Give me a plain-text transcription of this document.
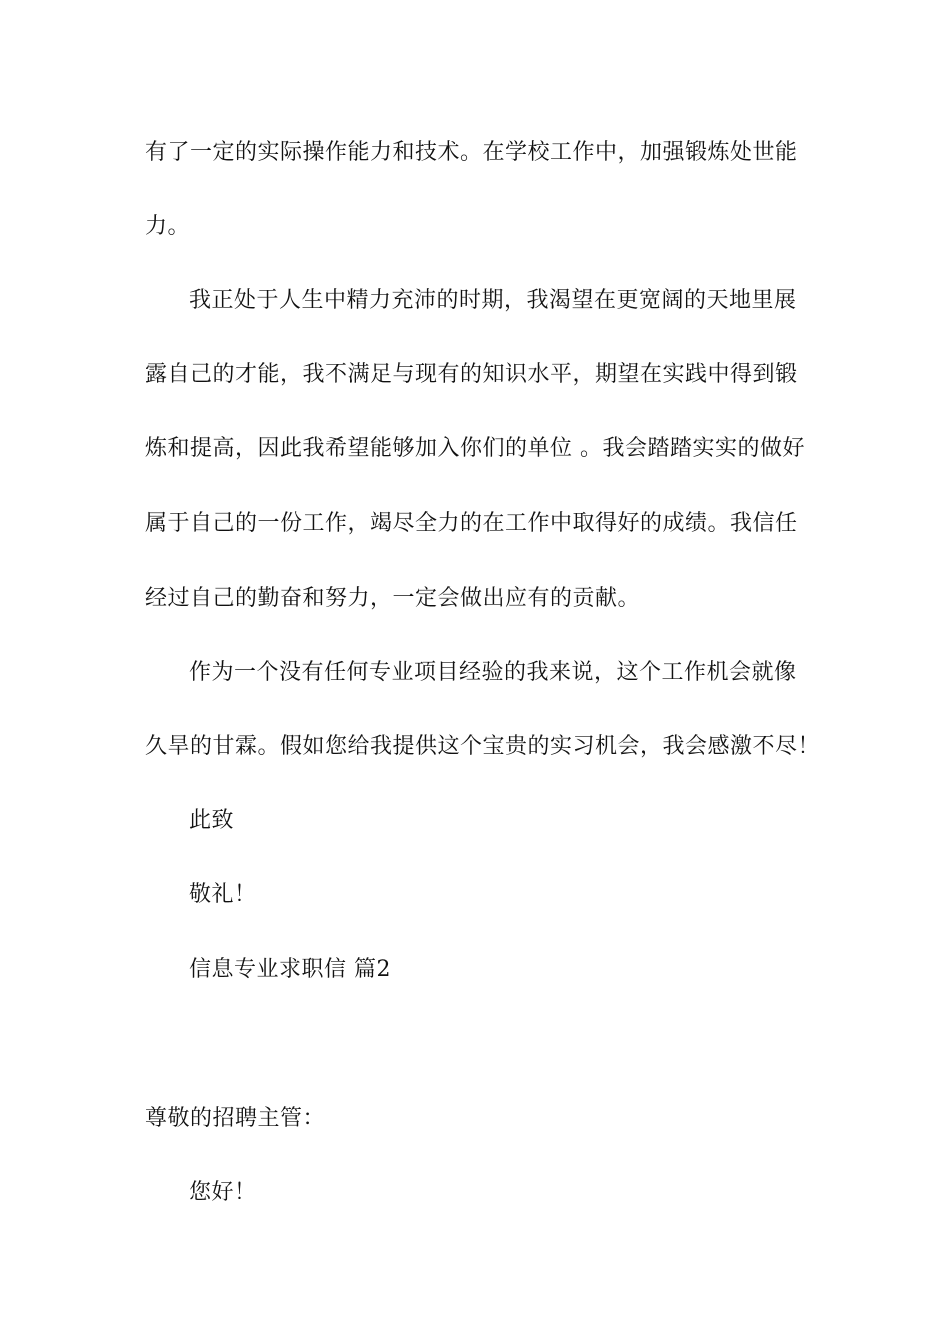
有了一定的实际操作能力和技术。在学校工作中，加强锻炼处世能
力。
我正处于人生中精力充沛的时期，我渴望在更宽阔的天地里展
露自己的才能，我不满足与现有的知识水平，期望在实践中得到锻
炼和提高，因此我希望能够加入你们的单位 。我会踏踏实实的做好
属于自己的一份工作，竭尽全力的在工作中取得好的成绩。我信任
经过自己的勤奋和努力，一定会做出应有的贡献。
作为一个没有任何专业项目经验的我来说，这个工作机会就像
久旱的甘霖。假如您给我提供这个宝贵的实习机会，我会感激不尽！
此致
敬礼！
信息专业求职信 篇2
尊敬的招聘主管：
您好！
